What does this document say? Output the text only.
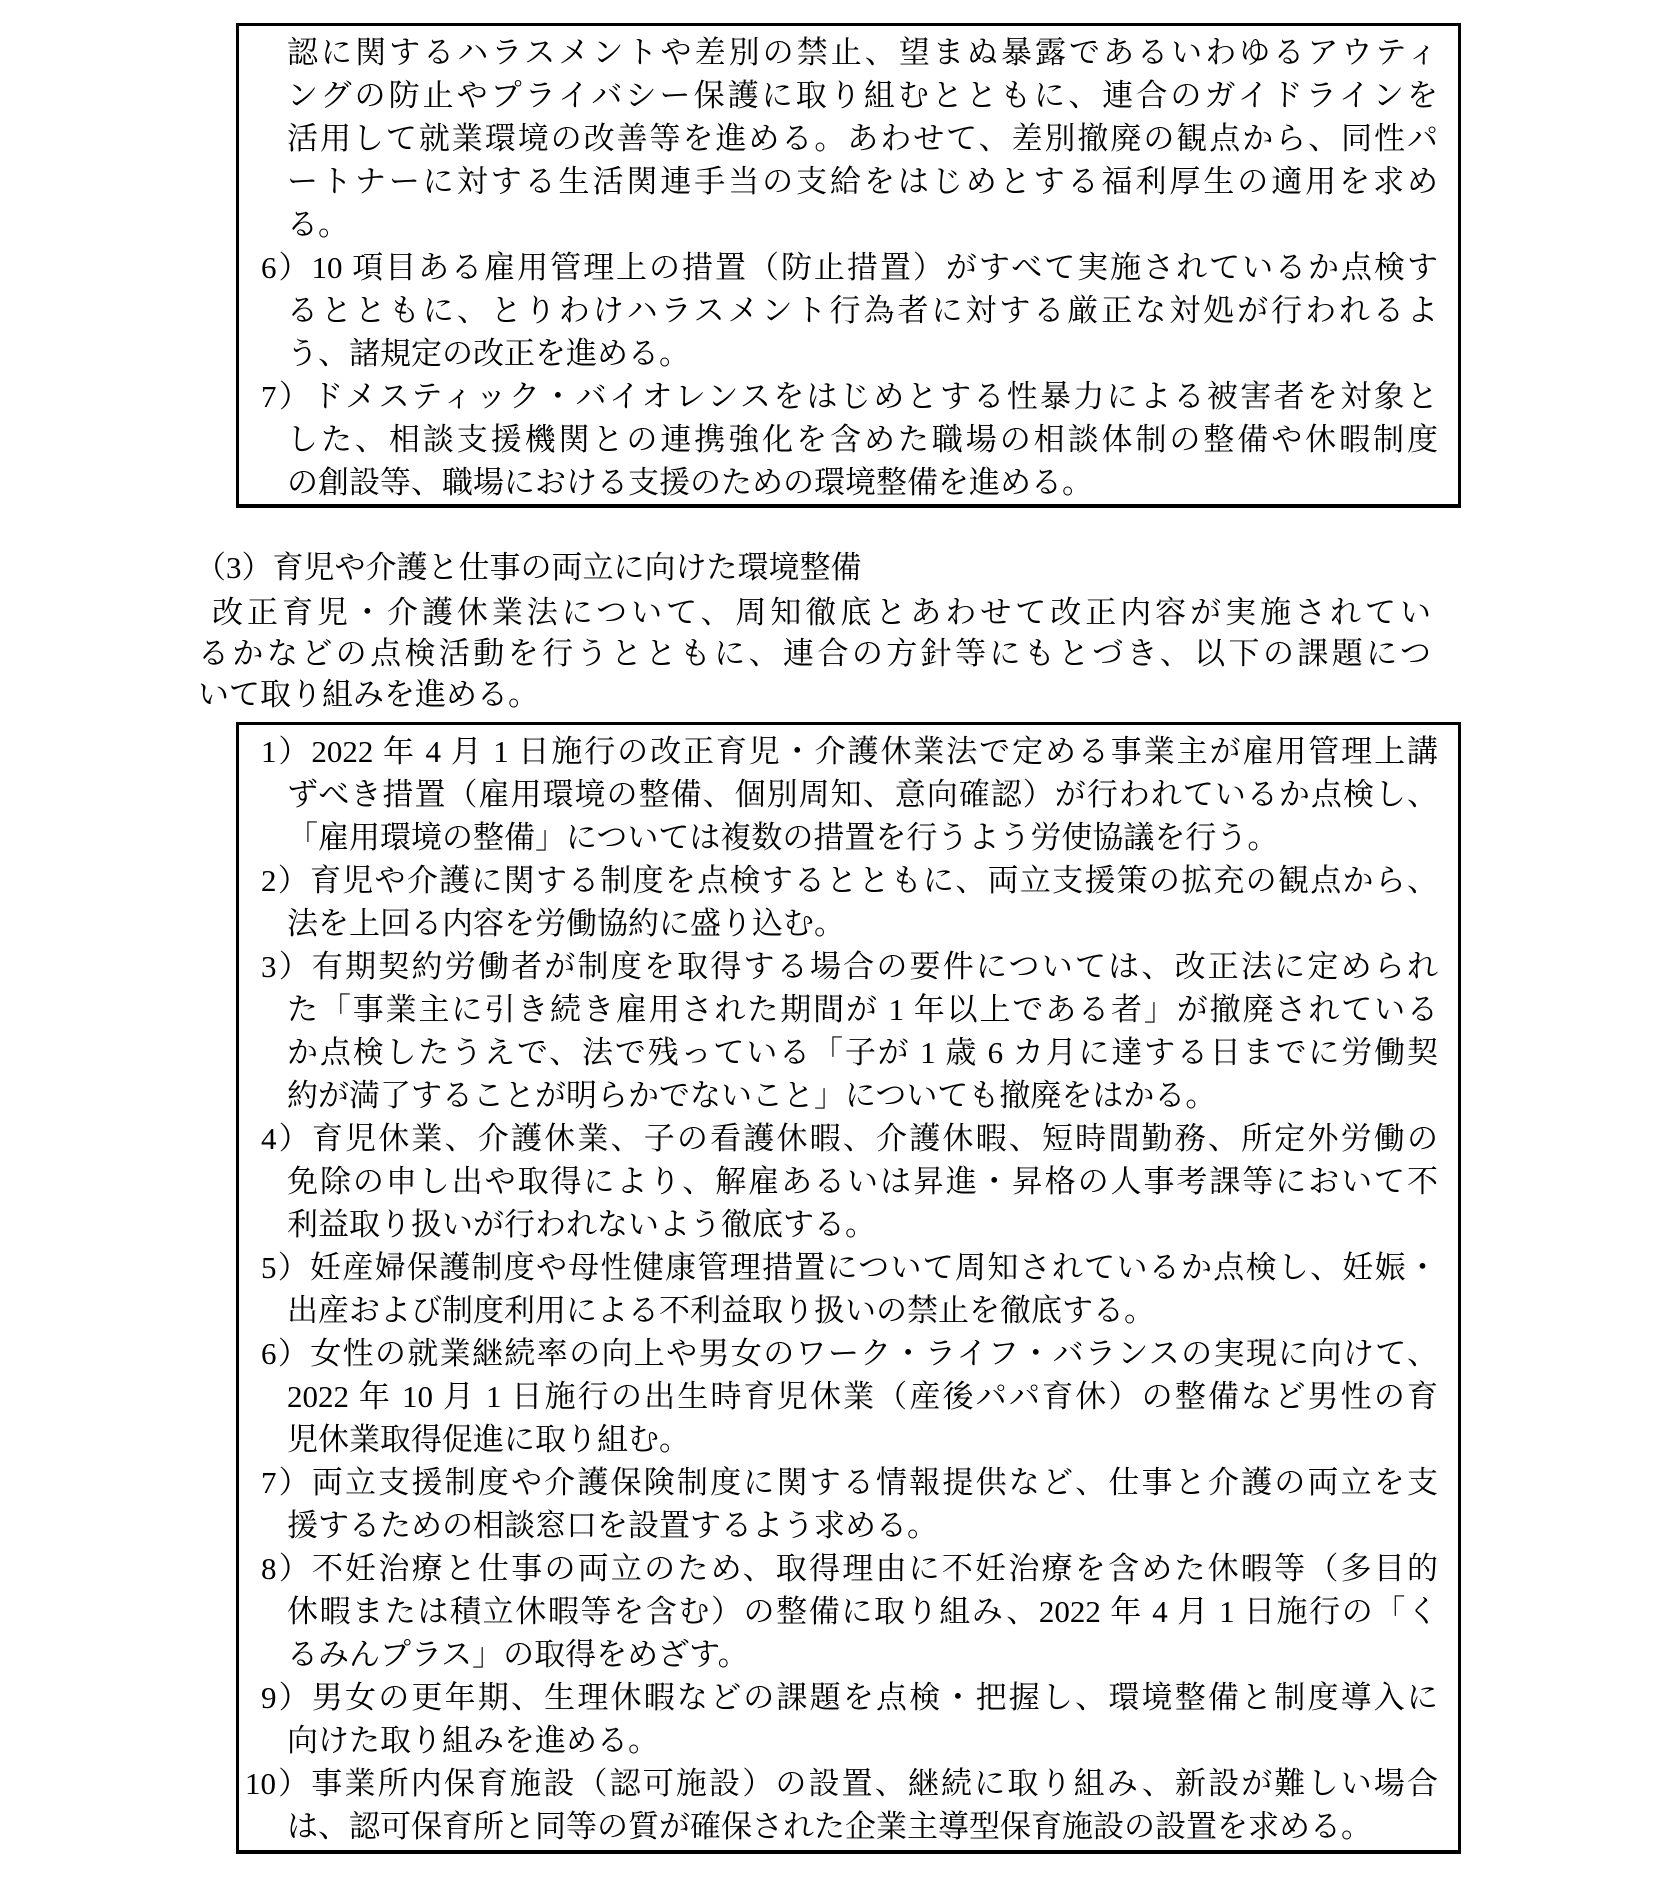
認に関するハラスメントや差別の禁止、望まぬ暴露であるいわゆるアウティ
ングの防止やプライバシー保護に取り組むとともに、連合のガイドラインを
活用して就業環境の改善等を進める。あわせて、差別撤廃の観点から、同性パ
ートナーに対する生活関連手当の支給をはじめとする福利厚生の適用を求め
る。
6）10 項目ある雇用管理上の措置（防止措置）がすべて実施されているか点検す
るとともに、とりわけハラスメント行為者に対する厳正な対処が行われるよ
う、諸規定の改正を進める。
7）ドメスティック・バイオレンスをはじめとする性暴力による被害者を対象と
した、相談支援機関との連携強化を含めた職場の相談体制の整備や休暇制度
の創設等、職場における支援のための環境整備を進める。
（3）育児や介護と仕事の両立に向けた環境整備
改正育児・介護休業法について、周知徹底とあわせて改正内容が実施されてい
るかなどの点検活動を行うとともに、連合の方針等にもとづき、以下の課題につ
いて取り組みを進める。
1）2022 年 4 月 1 日施行の改正育児・介護休業法で定める事業主が雇用管理上講
ずべき措置（雇用環境の整備、個別周知、意向確認）が行われているか点検し、
「雇用環境の整備」については複数の措置を行うよう労使協議を行う。
2）育児や介護に関する制度を点検するとともに、両立支援策の拡充の観点から、
法を上回る内容を労働協約に盛り込む。
3）有期契約労働者が制度を取得する場合の要件については、改正法に定められ
た「事業主に引き続き雇用された期間が 1 年以上である者」が撤廃されている
か点検したうえで、法で残っている「子が 1 歳 6 カ月に達する日までに労働契
約が満了することが明らかでないこと」についても撤廃をはかる。
4）育児休業、介護休業、子の看護休暇、介護休暇、短時間勤務、所定外労働の
免除の申し出や取得により、解雇あるいは昇進・昇格の人事考課等において不
利益取り扱いが行われないよう徹底する。
5）妊産婦保護制度や母性健康管理措置について周知されているか点検し、妊娠・
出産および制度利用による不利益取り扱いの禁止を徹底する。
6）女性の就業継続率の向上や男女のワーク・ライフ・バランスの実現に向けて、
2022 年 10 月 1 日施行の出生時育児休業（産後パパ育休）の整備など男性の育
児休業取得促進に取り組む。
7）両立支援制度や介護保険制度に関する情報提供など、仕事と介護の両立を支
援するための相談窓口を設置するよう求める。
8）不妊治療と仕事の両立のため、取得理由に不妊治療を含めた休暇等（多目的
休暇または積立休暇等を含む）の整備に取り組み、2022 年 4 月 1 日施行の「く
るみんプラス」の取得をめざす。
9）男女の更年期、生理休暇などの課題を点検・把握し、環境整備と制度導入に
向けた取り組みを進める。
10）事業所内保育施設（認可施設）の設置、継続に取り組み、新設が難しい場合
は、認可保育所と同等の質が確保された企業主導型保育施設の設置を求める。
